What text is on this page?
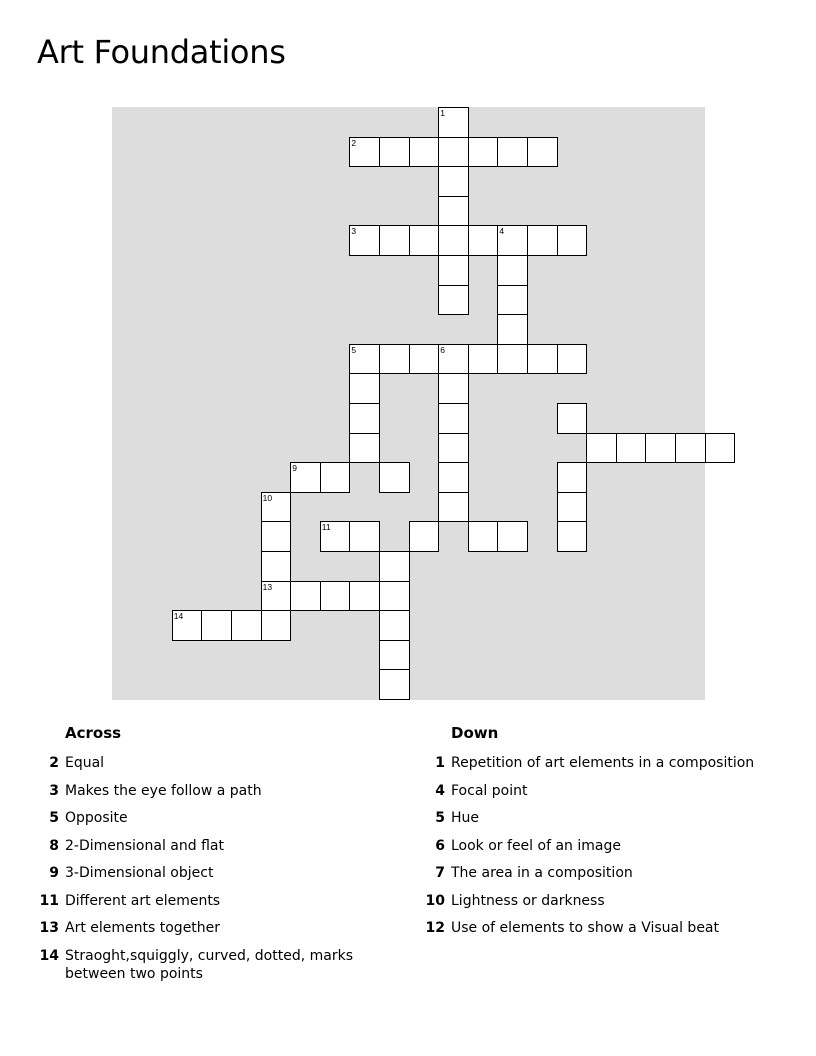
Art Foundations
1
2
3	4
5	6
9
10
13
11
14
Across
2 Equal
3 Makes the eye follow a path
5 Opposite
8 2-Dimensional and flat
9 3-Dimensional object
11 Different art elements
13 Art elements together
14 Straoght,squiggly, curved, dotted, marks between two points
Down
1 Repetition of art elements in a composition
4 Focal point
5 Hue
6 Look or feel of an image
7 The area in a composition
10 Lightness or darkness
12 Use of elements to show a Visual beat
